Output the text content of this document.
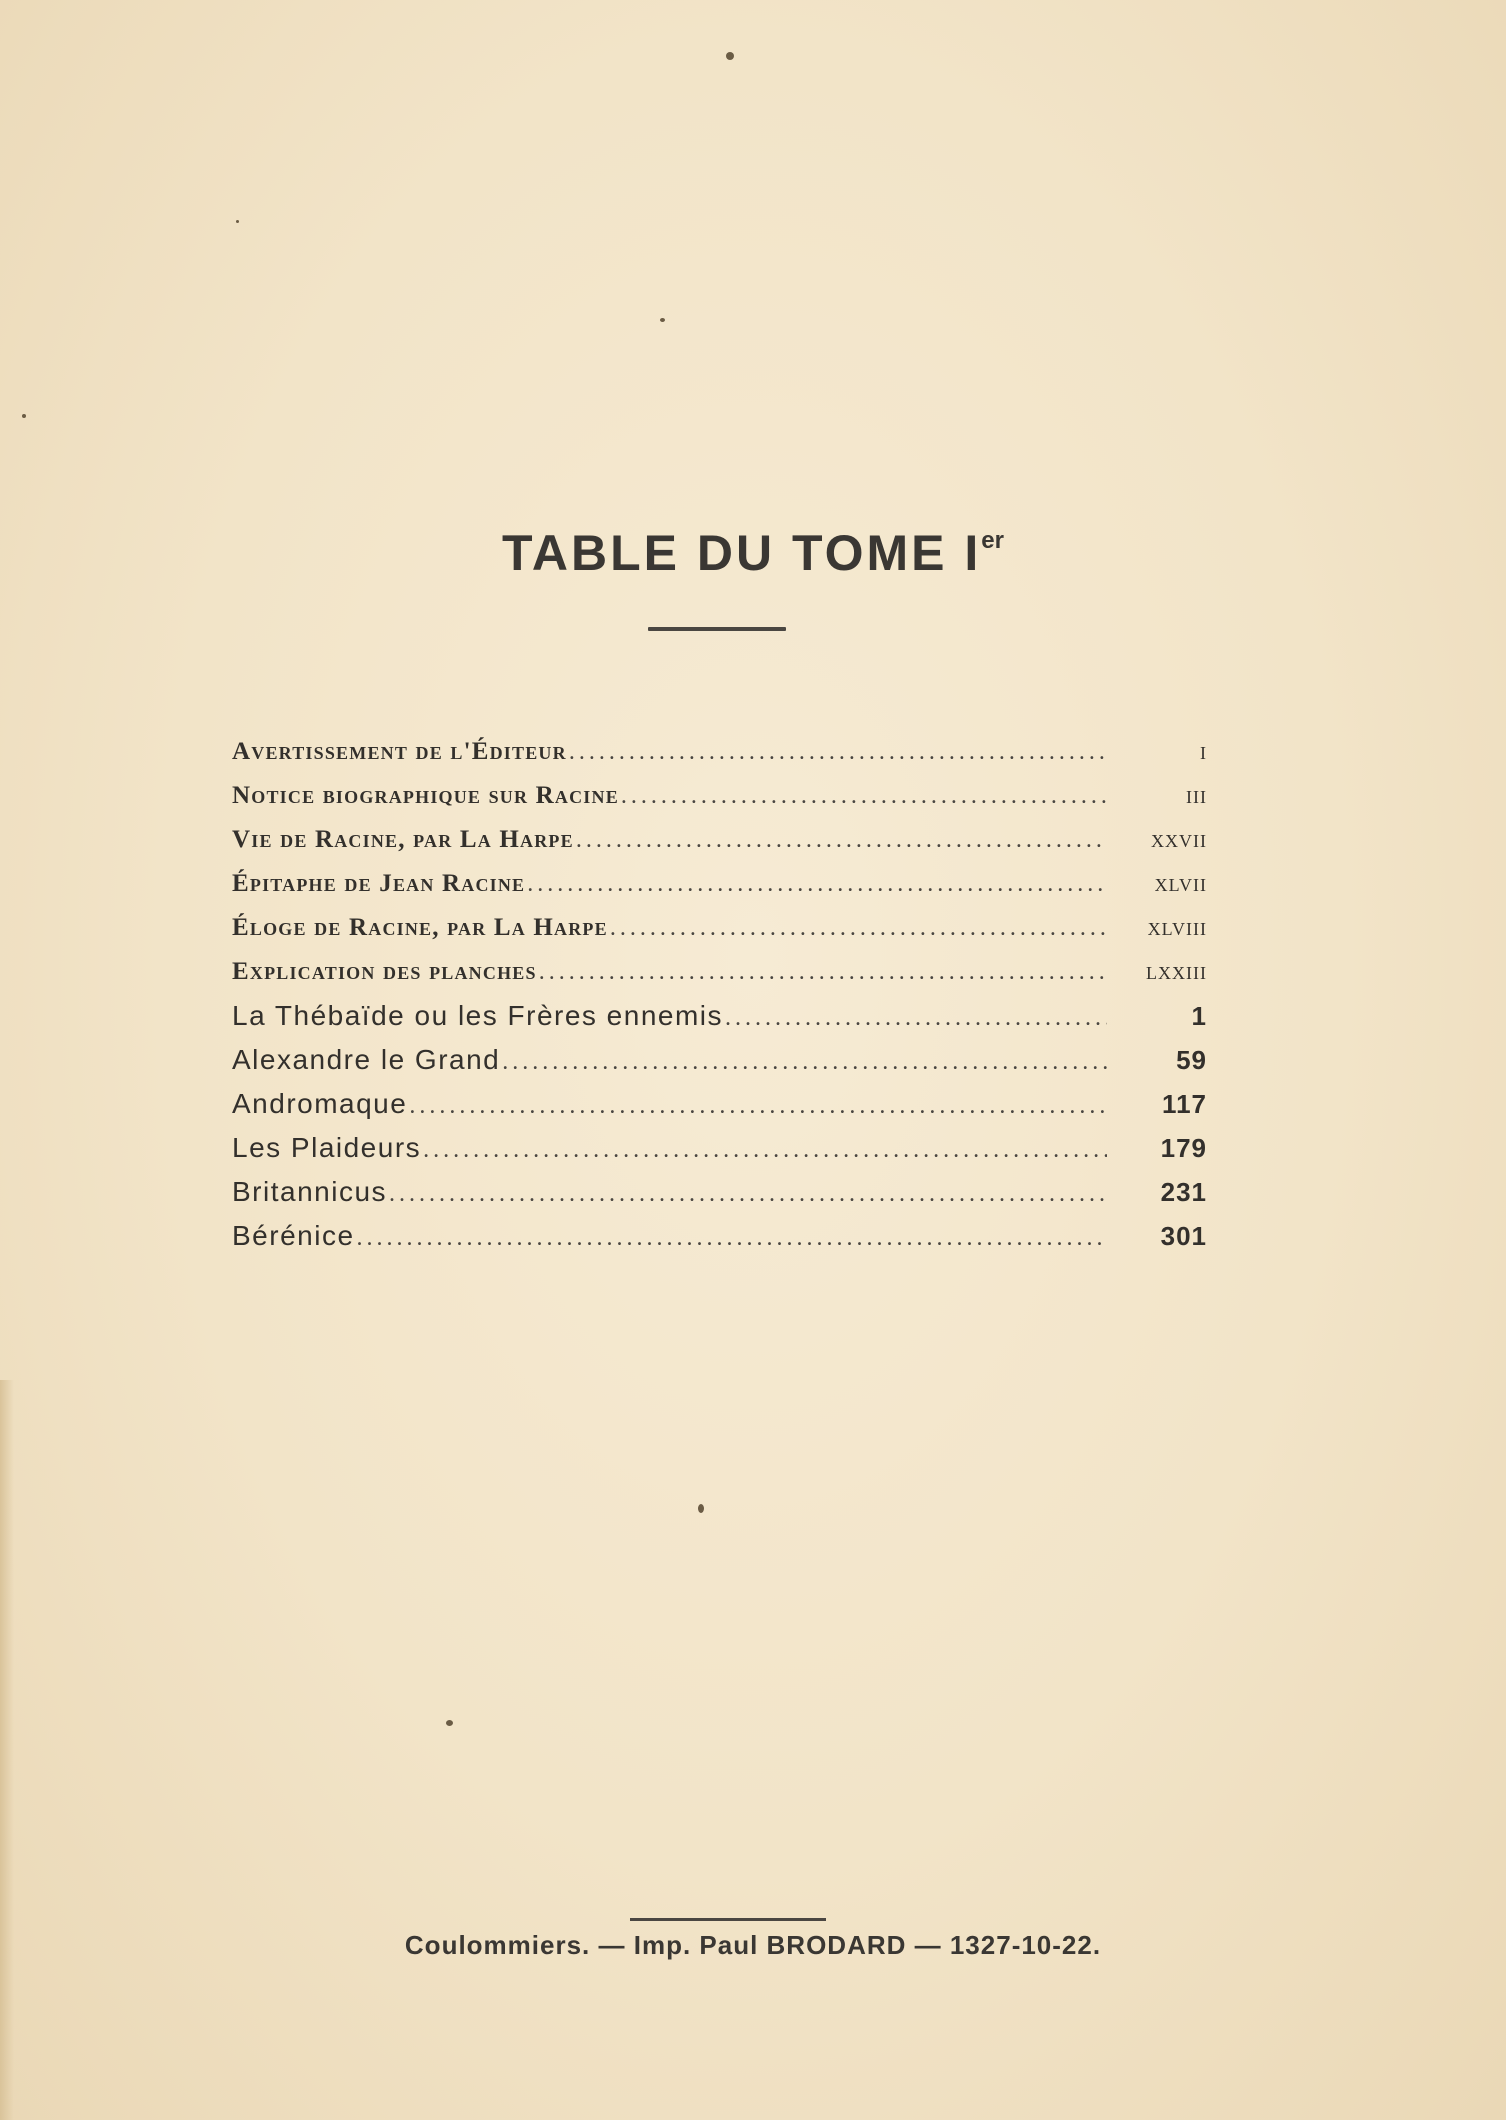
TABLE DU TOME Ier
Avertissement de l'Éditeur .....	i
Notice biographique sur Racine .....	iii
Vie de Racine, par La Harpe .....	xxvii
Épitaphe de Jean Racine .....	xlvii
Éloge de Racine, par La Harpe .....	xlviii
Explication des planches .....	lxxiii
La Thébaïde ou les Frères ennemis .....	1
Alexandre le Grand .....	59
Andromaque .....	117
Les Plaideurs .....	179
Britannicus .....	231
Bérénice .....	301
Coulommiers. — Imp. Paul BRODARD — 1327-10-22.
